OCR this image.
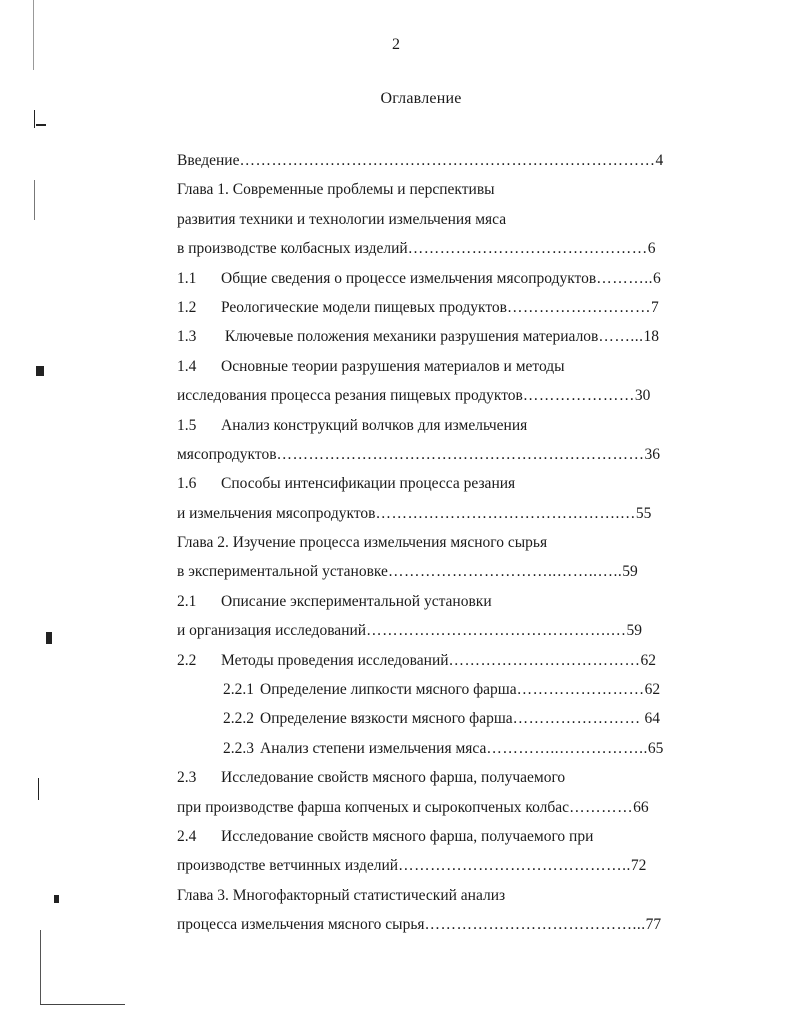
2
Оглавление
Введение……………………………………………………………………4
Глава 1. Современные проблемы и перспективы
развития техники и технологии измельчения мяса
в производстве колбасных изделий………………………………………6
1.1 Общие сведения о процессе измельчения мясопродуктов………..6
1.2 Реологические модели пищевых продуктов………………………7
1.3 Ключевые положения механики разрушения материалов……...18
1.4 Основные теории разрушения материалов и методы
исследования процесса резания пищевых продуктов…………………30
1.5 Анализ конструкций волчков для измельчения
мясопродуктов……………………………………………………………36
1.6 Способы интенсификации процесса резания
и измельчения мясопродуктов……………………………………….…55
Глава 2. Изучение процесса измельчения мясного сырья
в экспериментальной установке…………………………..……..…..59
2.1 Описание экспериментальной установки
и организация исследований……………………………………….…59
2.2 Методы проведения исследований………………………………62
2.2.1 Определение липкости мясного фарша……………………62
2.2.2 Определение вязкости мясного фарша…………………… 64
2.2.3 Анализ степени измельчения мяса…………..……………..65
2.3 Исследование свойств мясного фарша, получаемого
при производстве фарша копченых и сырокопченых колбас…………66
2.4 Исследование свойств мясного фарша, получаемого при
производстве ветчинных изделий……………………………………..72
Глава 3. Многофакторный статистический анализ
процесса измельчения мясного сырья…………………………………...77
